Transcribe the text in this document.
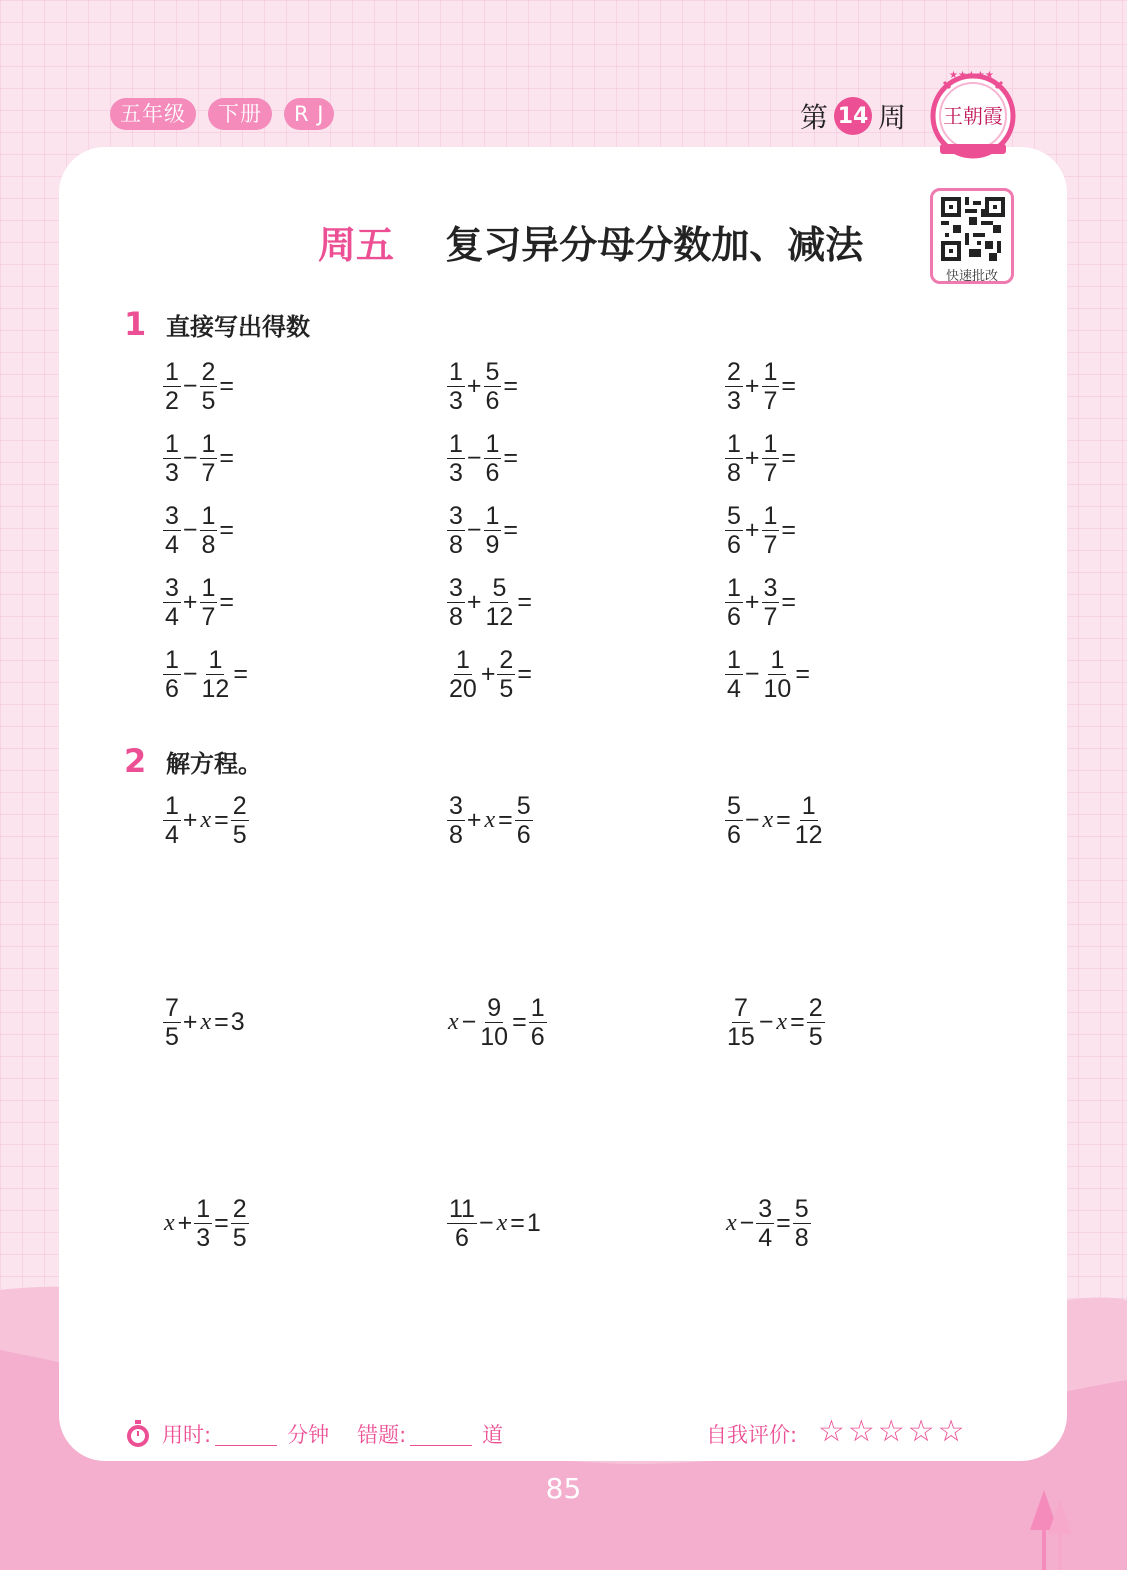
五年级	下册	R J	第 14 周
★★★★★
王朝霞
快速批改
周五 复习异分母分数加、减法
1 直接写出得数
$\frac{1}{2} - \frac{2}{5}$ =	$\frac{1}{3} + \frac{5}{6}$ =	$\frac{2}{3} + \frac{1}{7}$ =
$\frac{1}{3} - \frac{1}{7}$ =	$\frac{1}{3} - \frac{1}{6}$ =	$\frac{1}{8} + \frac{1}{7}$ =
$\frac{3}{4} - \frac{1}{8}$ =	$\frac{3}{8} - \frac{1}{9}$ =	$\frac{5}{6} + \frac{1}{7}$ =
$\frac{3}{4} + \frac{1}{7}$ =	$\frac{3}{8} + \frac{5}{12}$ =	$\frac{1}{6} + \frac{3}{7}$ =
$\frac{1}{6} - \frac{1}{12}$ =	$\frac{1}{20} + \frac{2}{5}$ =	$\frac{1}{4} - \frac{1}{10}$ =
2 解方程。
$\frac{1}{4} + x = \frac{2}{5}$	$\frac{3}{8} + x = \frac{5}{6}$	$\frac{5}{6} - x = \frac{1}{12}$
$\frac{7}{5} + x = 3$	$x - \frac{9}{10} = \frac{1}{6}$	$\frac{7}{15} - x = \frac{2}{5}$
$x + \frac{1}{3} = \frac{2}{5}$	$\frac{11}{6} - x = 1$	$x - \frac{3}{4} = \frac{5}{8}$
用时:	分钟 错题:	道	自我评价: ☆☆☆☆☆
85
